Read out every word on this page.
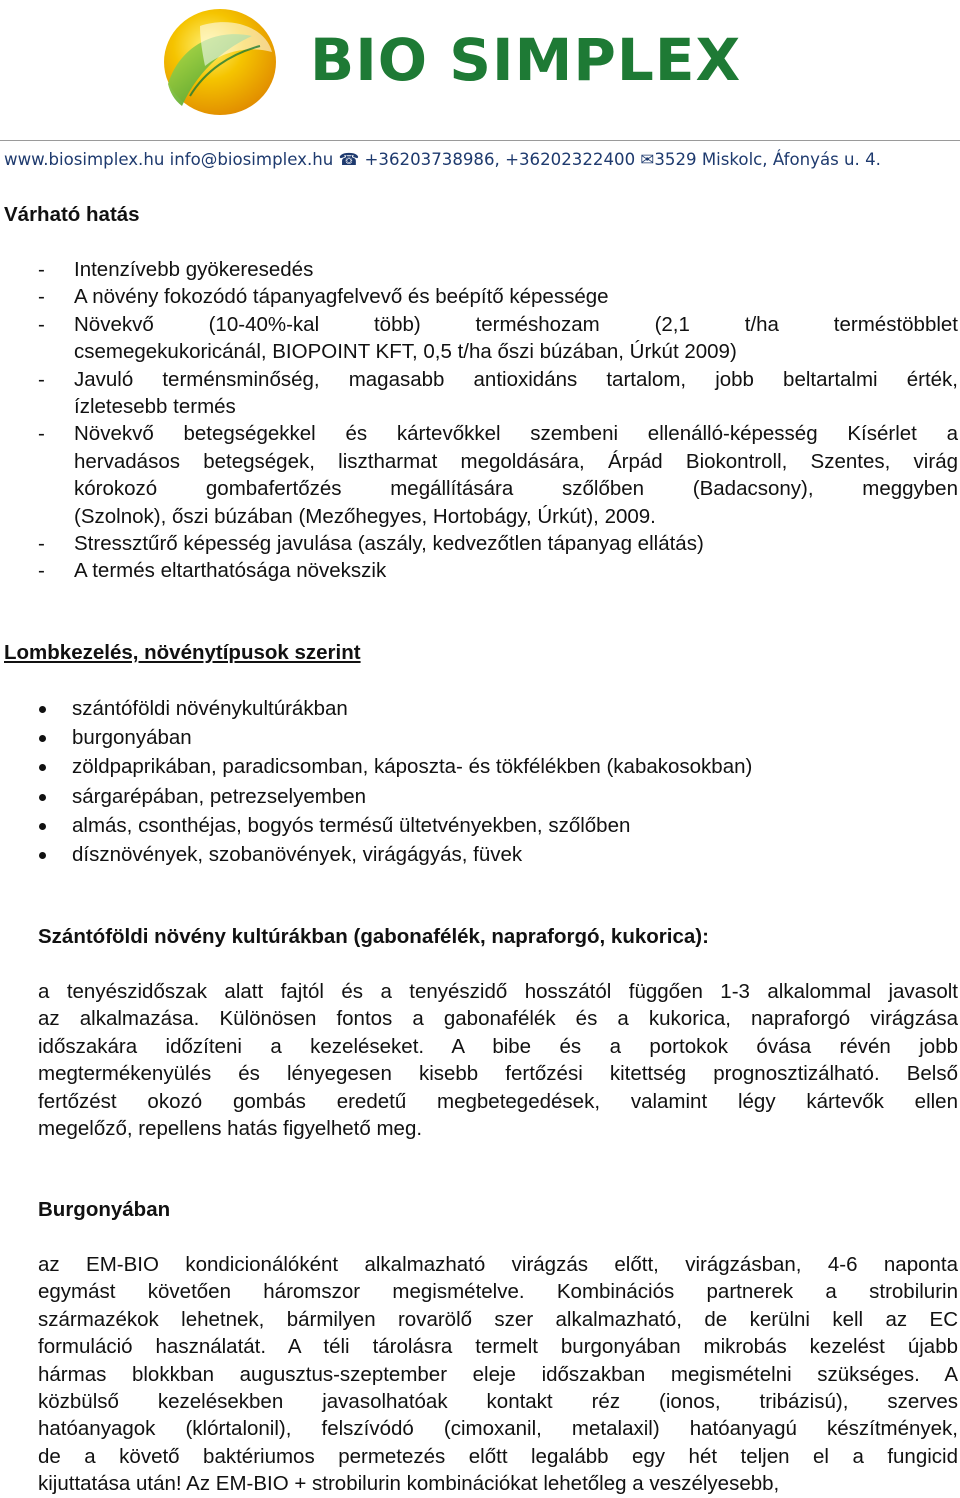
BIO SIMPLEX
www.biosimplex.hu info@biosimplex.hu ☎ +36203738986, +36202322400 ✉3529 Miskolc, Áfonyás u. 4.
Várható hatás
- Intenzívebb gyökeresedés
- A növény fokozódó tápanyagfelvevő és beépítő képessége
- Növekvő (10-40%-kal több) terméshozam (2,1 t/ha terméstöbblet
csemegekukoricánál, BIOPOINT KFT, 0,5 t/ha őszi búzában, Úrkút 2009)
- Javuló terménsminőség, magasabb antioxidáns tartalom, jobb beltartalmi érték,
ízletesebb termés
- Növekvő betegségekkel és kártevőkkel szembeni ellenálló-képesség Kísérlet a
hervadásos betegségek, lisztharmat megoldására, Árpád Biokontroll, Szentes, virág
kórokozó gombafertőzés megállítására szőlőben (Badacsony), meggyben
(Szolnok), őszi búzában (Mezőhegyes, Hortobágy, Úrkút), 2009.
- Stressztűrő képesség javulása (aszály, kedvezőtlen tápanyag ellátás)
- A termés eltarthatósága növekszik
Lombkezelés, növénytípusok szerint
szántóföldi növénykultúrákban
burgonyában
zöldpaprikában, paradicsomban, káposzta- és tökfélékben (kabakosokban)
sárgarépában, petrezselyemben
almás, csonthéjas, bogyós termésű ültetvényekben, szőlőben
dísznövények, szobanövények, virágágyás, füvek
Szántóföldi növény kultúrákban (gabonafélék, napraforgó, kukorica):
a tenyészidőszak alatt fajtól és a tenyészidő hosszától függően 1-3 alkalommal javasolt
az alkalmazása. Különösen fontos a gabonafélék és a kukorica, napraforgó virágzása
időszakára időzíteni a kezeléseket. A bibe és a portokok óvása révén jobb
megtermékenyülés és lényegesen kisebb fertőzési kitettség prognosztizálható. Belső
fertőzést okozó gombás eredetű megbetegedések, valamint légy kártevők ellen
megelőző, repellens hatás figyelhető meg.
Burgonyában
az EM-BIO kondicionálóként alkalmazható virágzás előtt, virágzásban, 4-6 naponta
egymást követően háromszor megismételve. Kombinációs partnerek a strobilurin
származékok lehetnek, bármilyen rovarölő szer alkalmazható, de kerülni kell az EC
formuláció használatát. A téli tárolásra termelt burgonyában mikrobás kezelést újabb
hármas blokkban augusztus-szeptember eleje időszakban megismételni szükséges. A
közbülső kezelésekben javasolhatóak kontakt réz (ionos, tribázisú), szerves
hatóanyagok (klórtalonil), felszívódó (cimoxanil, metalaxil) hatóanyagú készítmények,
de a követő baktériumos permetezés előtt legalább egy hét teljen el a fungicid
kijuttatása után! Az EM-BIO + strobilurin kombinációkat lehetőleg a veszélyesebb,
